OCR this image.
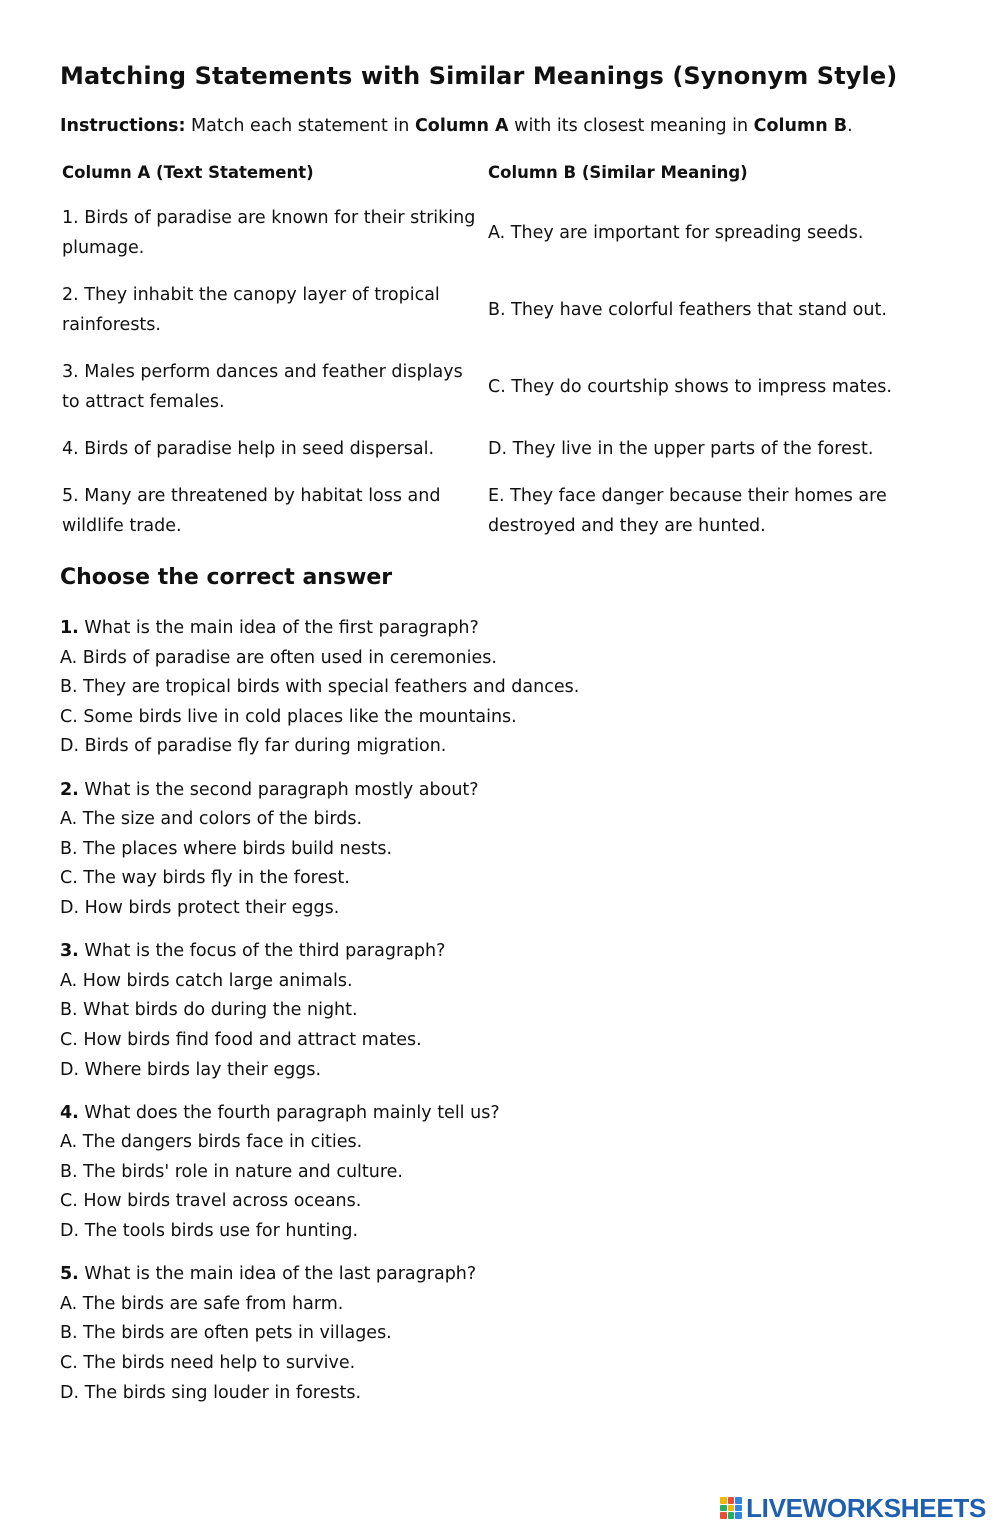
Matching Statements with Similar Meanings (Synonym Style)
Instructions: Match each statement in Column A with its closest meaning in Column B.
Column A (Text Statement)	Column B (Similar Meaning)
1. Birds of paradise are known for their striking plumage.	A. They are important for spreading seeds.
2. They inhabit the canopy layer of tropical rainforests.	B. They have colorful feathers that stand out.
3. Males perform dances and feather displays to attract females.	C. They do courtship shows to impress mates.
4. Birds of paradise help in seed dispersal.	D. They live in the upper parts of the forest.
5. Many are threatened by habitat loss and wildlife trade.	E. They face danger because their homes are destroyed and they are hunted.
Choose the correct answer
1. What is the main idea of the first paragraph?
A. Birds of paradise are often used in ceremonies.
B. They are tropical birds with special feathers and dances.
C. Some birds live in cold places like the mountains.
D. Birds of paradise fly far during migration.
2. What is the second paragraph mostly about?
A. The size and colors of the birds.
B. The places where birds build nests.
C. The way birds fly in the forest.
D. How birds protect their eggs.
3. What is the focus of the third paragraph?
A. How birds catch large animals.
B. What birds do during the night.
C. How birds find food and attract mates.
D. Where birds lay their eggs.
4. What does the fourth paragraph mainly tell us?
A. The dangers birds face in cities.
B. The birds' role in nature and culture.
C. How birds travel across oceans.
D. The tools birds use for hunting.
5. What is the main idea of the last paragraph?
A. The birds are safe from harm.
B. The birds are often pets in villages.
C. The birds need help to survive.
D. The birds sing louder in forests.
LIVEWORKSHEETS
